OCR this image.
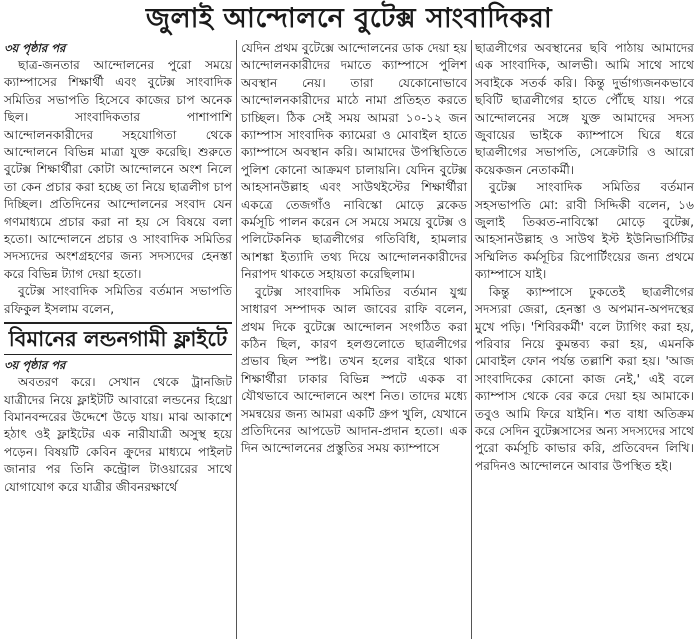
জুলাই আন্দোলনে বুটেক্স সাংবাদিকরা
৩য় পৃষ্ঠার পর

ছাত্র-জনতার আন্দোলনের পুরো সময়ে ক্যাম্পাসের শিক্ষার্থী এবং বুটেক্স সাংবাদিক সমিতির সভাপতি হিসেবে কাজের চাপ অনেক ছিল। সাংবাদিকতার পাশাপাশি আন্দোলনকারীদের সহযোগিতা থেকে আন্দোলনে বিভিন্ন মাত্রা যুক্ত করেছি। শুরুতে বুটেক্স শিক্ষার্থীরা কোটা আন্দোলনে অংশ নিলে তা কেন প্রচার করা হচ্ছে তা নিয়ে ছাত্রলীগ চাপ দিচ্ছিল। প্রতিদিনের আন্দোলনের সংবাদ যেন গণমাধ্যমে প্রচার করা না হয় সে বিষয়ে বলা হতো। আন্দোলনে প্রচার ও সাংবাদিক সমিতির সদস্যদের অংশগ্রহণের জন্য সদস্যদের হেনস্তা করে বিভিন্ন ট্যাগ দেয়া হতো।

বুটেক্স সাংবাদিক সমিতির বর্তমান সভাপতি রফিকুল ইসলাম বলেন,

বিমানের লন্ডনগামী ফ্লাইটে
৩য় পৃষ্ঠার পর

অবতরণ করে। সেখান থেকে ট্রানজিট যাত্রীদের নিয়ে ফ্লাইটটি আবারো লন্ডনের হিথ্রো বিমানবন্দরের উদ্দেশে উড়ে যায়। মাঝ আকাশে হঠাৎ ওই ফ্লাইটের এক নারীযাত্রী অসুস্থ হয়ে পড়েন। বিষয়টি কেবিন ক্রুদের মাধ্যমে পাইলট জানার পর তিনি কন্ট্রোল টাওয়ারের সাথে যোগাযোগ করে যাত্রীর জীবনরক্ষার্থে

যেদিন প্রথম বুটেক্সে আন্দোলনের ডাক দেয়া হয় আন্দোলনকারীদের দমাতে ক্যাম্পাসে পুলিশ অবস্থান নেয়। তারা যেকোনোভাবে আন্দোলনকারীদের মাঠে নামা প্রতিহত করতে চাচ্ছিল। ঠিক সেই সময় আমরা ১০-১২ জন ক্যাম্পাস সাংবাদিক ক্যামেরা ও মোবাইল হাতে ক্যাম্পাসে অবস্থান করি। আমাদের উপস্থিতিতে পুলিশ কোনো আক্রমণ চালায়নি। যেদিন বুটেক্স আহসানউল্লাহ এবং সাউথইস্টের শিক্ষার্থীরা একত্রে তেজগাঁও নাবিস্কো মোড়ে ব্লকেড কর্মসূচি পালন করেন সে সময়ে সময়ে বুটেক্স ও পলিটেকনিক ছাত্রলীগের গতিবিধি, হামলার আশঙ্কা ইত্যাদি তথ্য দিয়ে আন্দোলনকারীদের নিরাপদ থাকতে সহায়তা করেছিলাম।

বুটেক্স সাংবাদিক সমিতির বর্তমান যুগ্ম সাধারণ সম্পাদক আল জাবের রাফি বলেন, প্রথম দিকে বুটেক্সে আন্দোলন সংগঠিত করা কঠিন ছিল, কারণ হলগুলোতে ছাত্রলীগের প্রভাব ছিল স্পষ্ট। তখন হলের বাইরে থাকা শিক্ষার্থীরা ঢাকার বিভিন্ন স্পটে একক বা যৌথভাবে আন্দোলনে অংশ নিত। তাদের মধ্যে সমন্বয়ের জন্য আমরা একটি গ্রুপ খুলি, যেখানে প্রতিদিনের আপডেট আদান-প্রদান হতো। এক দিন আন্দোলনের প্রস্তুতির সময় ক্যাম্পাসে

ছাত্রলীগের অবস্থানের ছবি পাঠায় আমাদের এক সাংবাদিক, আলভী। আমি সাথে সাথে সবাইকে সতর্ক করি। কিন্তু দুর্ভাগ্যজনকভাবে ছবিটি ছাত্রলীগের হাতে পৌঁছে যায়। পরে আন্দোলনের সঙ্গে যুক্ত আমাদের সদস্য জুবায়ের ভাইকে ক্যাম্পাসে ঘিরে ধরে ছাত্রলীগের সভাপতি, সেক্রেটারি ও আরো কয়েকজন নেতাকর্মী।

বুটেক্স সাংবাদিক সমিতির বর্তমান সহসভাপতি মো: রাবী সিদ্দিকী বলেন, ১৬ জুলাই তিব্বত-নাবিস্কো মোড়ে বুটেক্স, আহসানউল্লাহ ও সাউথ ইস্ট ইউনিভার্সিটির সম্মিলিত কর্মসূচির রিপোর্টিংয়ের জন্য প্রথমে ক্যাম্পাসে যাই।

কিন্তু ক্যাম্পাসে ঢুকতেই ছাত্রলীগের সদস্যরা জেরা, হেনস্তা ও অপমান-অপদস্থের মুখে পড়ি। 'শিবিরকর্মী' বলে ট্যাগিং করা হয়, পরিবার নিয়ে কুমন্তব্য করা হয়, এমনকি মোবাইল ফোন পর্যন্ত তল্লাশি করা হয়। 'আজ সাংবাদিকের কোনো কাজ নেই,' এই বলে ক্যাম্পাস থেকে বের করে দেয়া হয় আমাকে। তবুও আমি ফিরে যাইনি। শত বাধা অতিক্রম করে সেদিন বুটেক্সসাসের অন্য সদস্যদের সাথে পুরো কর্মসূচি কাভার করি, প্রতিবেদন লিখি। পরদিনও আন্দোলনে আবার উপস্থিত হই।
